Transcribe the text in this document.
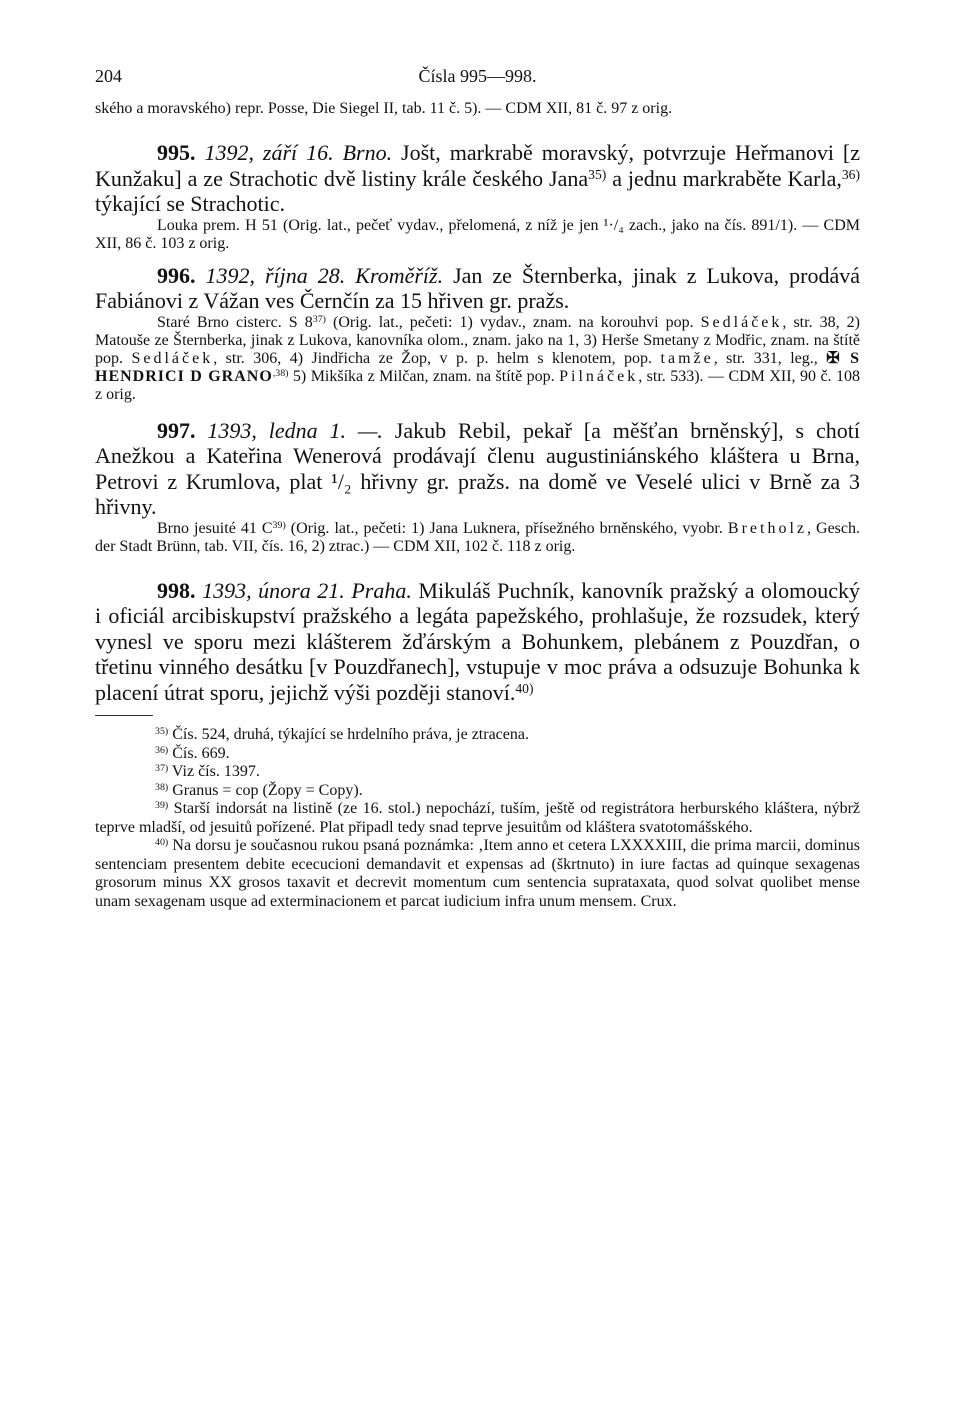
204	Čísla 995—998.

ského a moravského) repr. Posse, Die Siegel II, tab. 11 č. 5). — CDM XII, 81 č. 97 z orig.

995. 1392, září 16. Brno. Jošt, markrabě moravský, potvrzuje Heřmanovi [z Kunžaku] a ze Strachotic dvě listiny krále českého Jana$^{35)}$ a jednu markraběte Karla,$^{36)}$ týkající se Strachotic.

Louka prem. H 51 (Orig. lat., pečeť vydav., přelomená, z níž je jen ¹·/₄ zach., jako na čís. 891/1). — CDM XII, 86 č. 103 z orig.

996. 1392, října 28. Kroměříž. Jan ze Šternberka, jinak z Lukova, prodává Fabiánovi z Vážan ves Černčín za 15 hřiven gr. pražs.

Staré Brno cisterc. S 8$^{37)}$ (Orig. lat., pečeti: 1) vydav., znam. na korouhvi pop. Sedláček, str. 38, 2) Matouše ze Šternberka, jinak z Lukova, kanovníka olom., znam. jako na 1, 3) Herše Smetany z Modřic, znam. na štítě pop. Sedláček, str. 306, 4) Jindřicha ze Žop, v p. p. helm s klenotem, pop. tamže, str. 331, leg., ✠ S HENDRICI D $GRANO^{,38)}$ 5) Mikšíka z Milčan, znam. na štítě pop. Pilnáček, str. 533). — CDM XII, 90 č. 108 z orig.

997. 1393, ledna 1. —. Jakub Rebil, pekař [a měšťan brněnský], s chotí Anežkou a Kateřina Wenerová prodávají členu augustiniánského kláštera u Brna, Petrovi z Krumlova, plat ¹/₂ hřivny gr. pražs. na domě ve Veselé ulici v Brně za 3 hřivny.

Brno jesuité 41 $C^{39)}$ (Orig. lat., pečeti: 1) Jana Luknera, přísežného brněnského, vyobr. Bretholz, Gesch. der Stadt Brünn, tab. VII, čís. 16, 2) ztrac.) — CDM XII, 102 č. 118 z orig.

998. 1393, února 21. Praha. Mikuláš Puchník, kanovník pražský a olomoucký i oficiál arcibiskupství pražského a legáta papežského, prohlašuje, že rozsudek, který vynesl ve sporu mezi klášterem žďárským a Bohunkem, plebánem z Pouzdřan, o třetinu vinného desátku [v Pouzdřanech], vstupuje v moc práva a odsuzuje Bohunka k placení útrat sporu, jejichž výši později stanoví.$^{40)}$

$^{35)}$ Čís. 524, druhá, týkající se hrdelního práva, je ztracena.

$^{36)}$ Čís. 669.

$^{37)}$ Viz čís. 1397.

$^{38)}$ Granus = cop (Žopy = Copy).

$^{39)}$ Starší indorsát na listině (ze 16. stol.) nepochází, tuším, ještě od registrátora herburského kláštera, nýbrž teprve mladší, od jesuitů pořízené. Plat připadl tedy snad teprve jesuitům od kláštera svatotomášského.

$^{40)}$ Na dorsu je současnou rukou psaná poznámka: ‚Item anno et cetera LXXXXIII, die prima marcii, dominus sentenciam presentem debite ececucioni demandavit et expensas ad (škrtnuto) in iure factas ad quinque sexagenas grosorum minus XX grosos taxavit et decrevit momentum cum sentencia suprataxata, quod solvat quolibet mense unam sexagenam usque ad exterminacionem et parcat iudicium infra unum mensem. Crux.
